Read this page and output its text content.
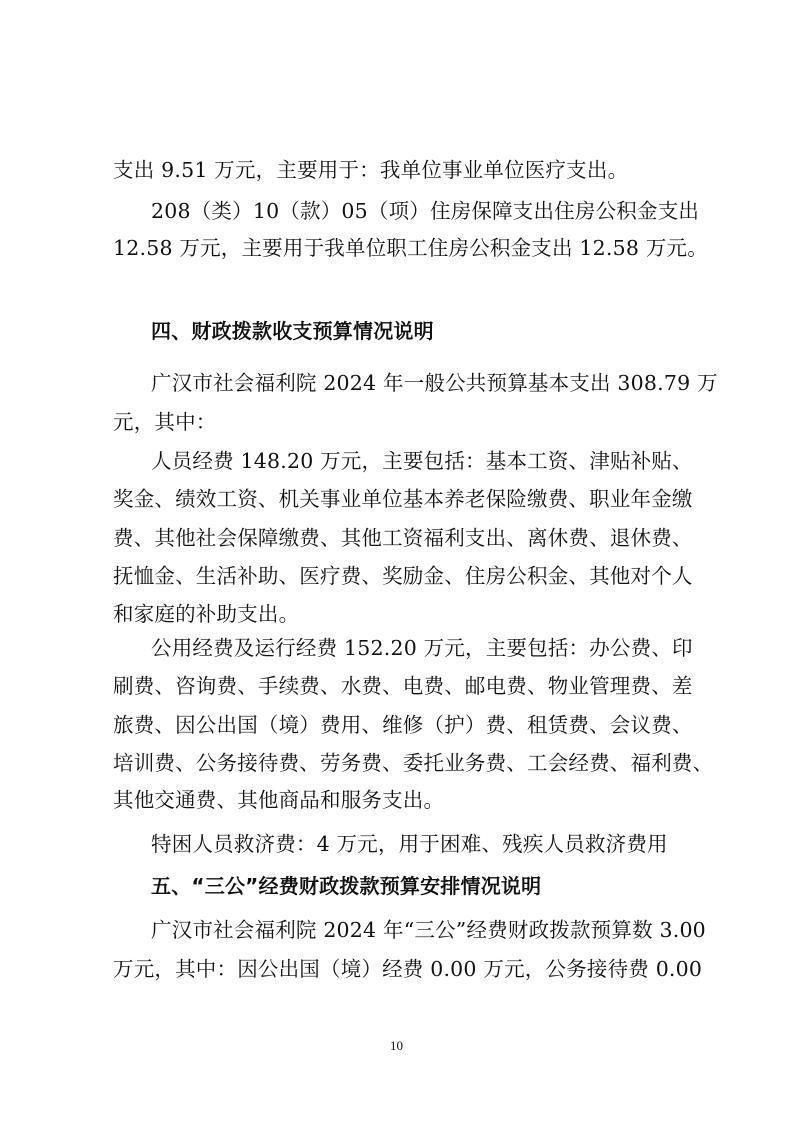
支出 9.51 万元，主要用于：我单位事业单位医疗支出。
208（类）10（款）05（项）住房保障支出住房公积金支出
12.58 万元，主要用于我单位职工住房公积金支出 12.58 万元。
四、财政拨款收支预算情况说明
广汉市社会福利院 2024 年一般公共预算基本支出 308.79 万
元，其中：
人员经费 148.20 万元，主要包括：基本工资、津贴补贴、
奖金、绩效工资、机关事业单位基本养老保险缴费、职业年金缴
费、其他社会保障缴费、其他工资福利支出、离休费、退休费、
抚恤金、生活补助、医疗费、奖励金、住房公积金、其他对个人
和家庭的补助支出。
公用经费及运行经费 152.20 万元，主要包括：办公费、印
刷费、咨询费、手续费、水费、电费、邮电费、物业管理费、差
旅费、因公出国（境）费用、维修（护）费、租赁费、会议费、
培训费、公务接待费、劳务费、委托业务费、工会经费、福利费、
其他交通费、其他商品和服务支出。
特困人员救济费：4 万元，用于困难、残疾人员救济费用
五、“三公”经费财政拨款预算安排情况说明
广汉市社会福利院 2024 年“三公”经费财政拨款预算数 3.00
万元，其中：因公出国（境）经费 0.00 万元，公务接待费 0.00
10
